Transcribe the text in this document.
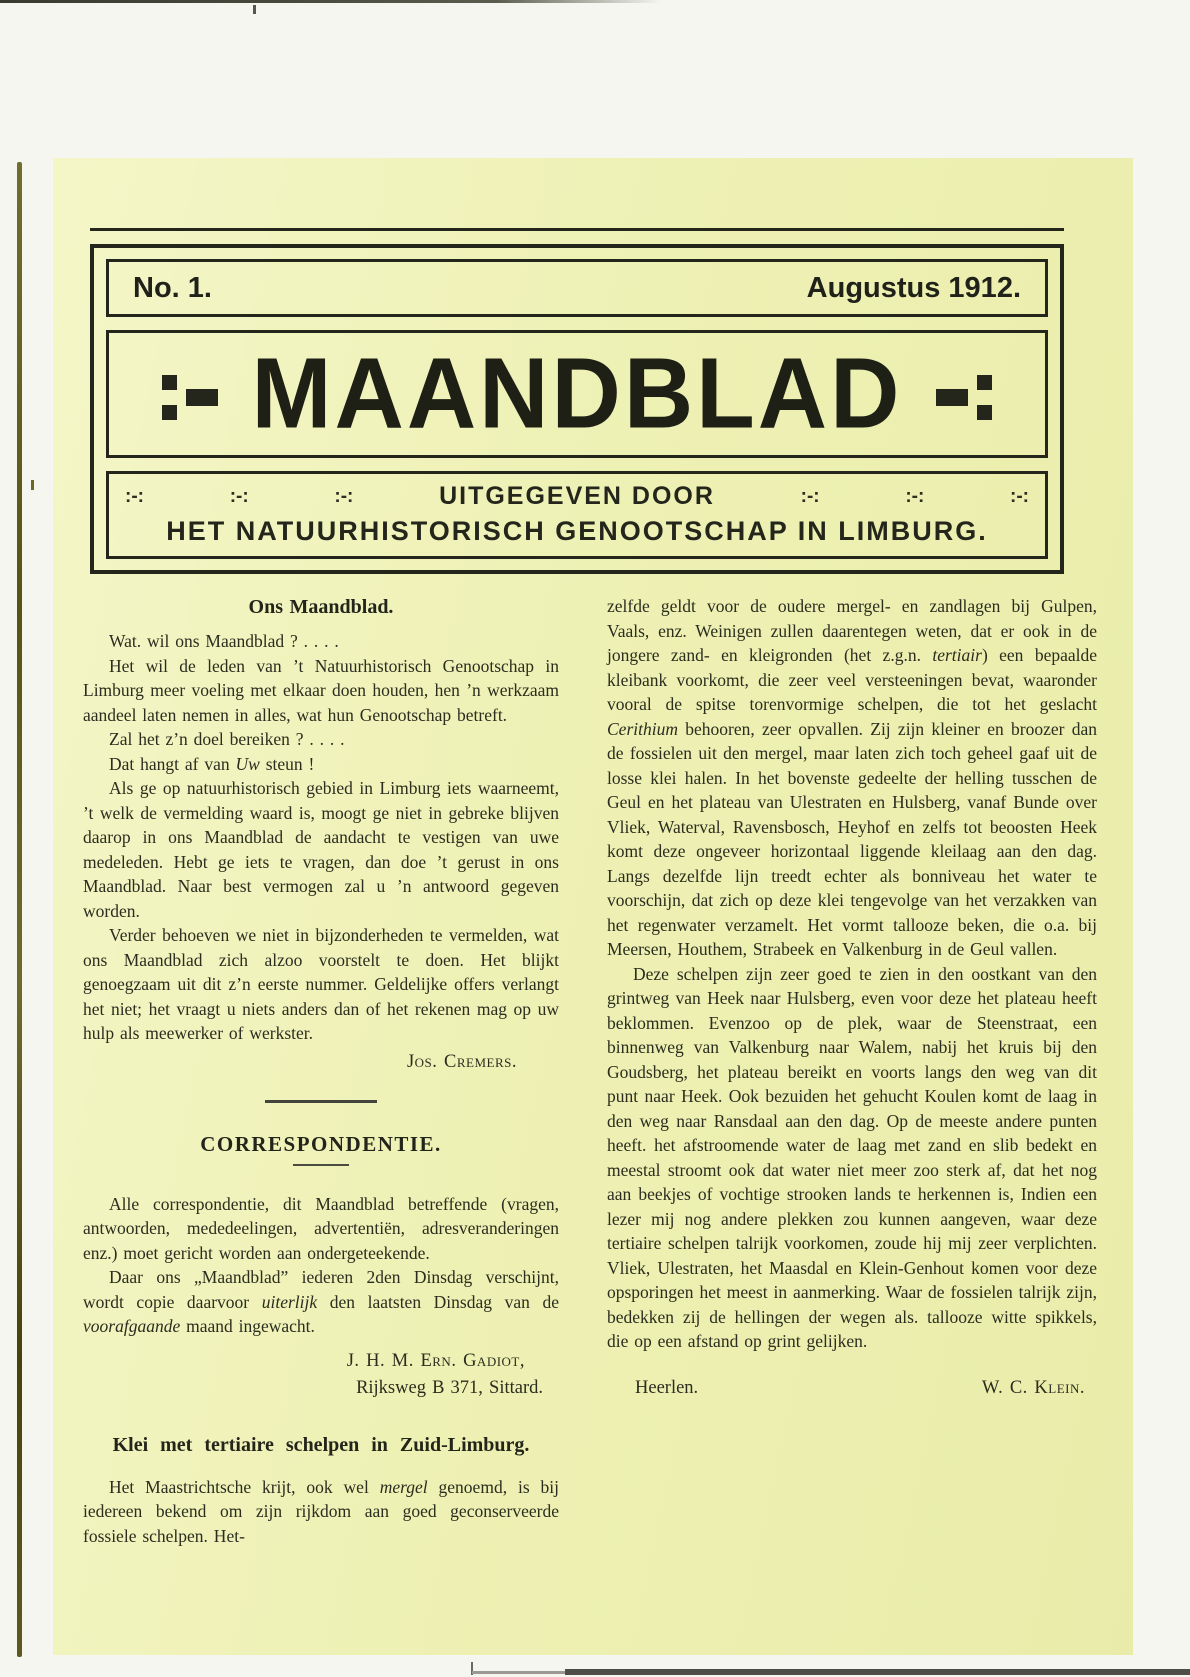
No. 1.	Augustus 1912.
MAANDBLAD
:-:	:-:	:-:	UITGEGEVEN DOOR	:-:	:-:	:-:
HET NATUURHISTORISCH GENOOTSCHAP IN LIMBURG.
Ons Maandblad.

Wat. wil ons Maandblad ? . . . .

Het wil de leden van ’t Natuurhistorisch Genootschap in Limburg meer voeling met elkaar doen houden, hen ’n werkzaam aandeel laten nemen in alles, wat hun Genootschap betreft.

Zal het z’n doel bereiken ? . . . .

Dat hangt af van Uw steun !

Als ge op natuurhistorisch gebied in Limburg iets waarneemt, ’t welk de vermelding waard is, moogt ge niet in gebreke blijven daarop in ons Maandblad de aandacht te vestigen van uwe medeleden. Hebt ge iets te vragen, dan doe ’t gerust in ons Maandblad. Naar best vermogen zal u ’n antwoord gegeven worden.

Verder behoeven we niet in bijzonderheden te vermelden, wat ons Maandblad zich alzoo voorstelt te doen. Het blijkt genoegzaam uit dit z’n eerste nummer. Geldelijke offers verlangt het niet; het vraagt u niets anders dan of het rekenen mag op uw hulp als meewerker of werkster.

Jos. Cremers.
CORRESPONDENTIE.

Alle correspondentie, dit Maandblad betreffende (vragen, antwoorden, mededeelingen, advertentiën, adresveranderingen enz.) moet gericht worden aan ondergeteekende.

Daar ons „Maandblad” iederen 2den Dinsdag verschijnt, wordt copie daarvoor uiterlijk den laatsten Dinsdag van de voorafgaande maand ingewacht.

J. H. M. Ern. Gadiot,
Rijksweg B 371, Sittard.
Klei met tertiaire schelpen in Zuid-Limburg.

Het Maastrichtsche krijt, ook wel mergel genoemd, is bij iedereen bekend om zijn rijkdom aan goed geconserveerde fossiele schelpen. Het-

zelfde geldt voor de oudere mergel- en zandlagen bij Gulpen, Vaals, enz. Weinigen zullen daarentegen weten, dat er ook in de jongere zand- en kleigronden (het z.g.n. tertiair) een bepaalde kleibank voorkomt, die zeer veel versteeningen bevat, waaronder vooral de spitse torenvormige schelpen, die tot het geslacht Cerithium behooren, zeer opvallen. Zij zijn kleiner en broozer dan de fossielen uit den mergel, maar laten zich toch geheel gaaf uit de losse klei halen. In het bovenste gedeelte der helling tusschen de Geul en het plateau van Ulestraten en Hulsberg, vanaf Bunde over Vliek, Waterval, Ravensbosch, Heyhof en zelfs tot beoosten Heek komt deze ongeveer horizontaal liggende kleilaag aan den dag. Langs dezelfde lijn treedt echter als bonniveau het water te voorschijn, dat zich op deze klei tengevolge van het verzakken van het regenwater verzamelt. Het vormt tallooze beken, die o.a. bij Meersen, Houthem, Strabeek en Valkenburg in de Geul vallen.

Deze schelpen zijn zeer goed te zien in den oostkant van den grintweg van Heek naar Hulsberg, even voor deze het plateau heeft beklommen. Evenzoo op de plek, waar de Steenstraat, een binnenweg van Valkenburg naar Walem, nabij het kruis bij den Goudsberg, het plateau bereikt en voorts langs den weg van dit punt naar Heek. Ook bezuiden het gehucht Koulen komt de laag in den weg naar Ransdaal aan den dag. Op de meeste andere punten heeft. het afstroomende water de laag met zand en slib bedekt en meestal stroomt ook dat water niet meer zoo sterk af, dat het nog aan beekjes of vochtige strooken lands te herkennen is, Indien een lezer mij nog andere plekken zou kunnen aangeven, waar deze tertiaire schelpen talrijk voorkomen, zoude hij mij zeer verplichten. Vliek, Ulestraten, het Maasdal en Klein-Genhout komen voor deze opsporingen het meest in aanmerking. Waar de fossielen talrijk zijn, bedekken zij de hellingen der wegen als. tallooze witte spikkels, die op een afstand op grint gelijken.

Heerlen.	W. C. Klein.
